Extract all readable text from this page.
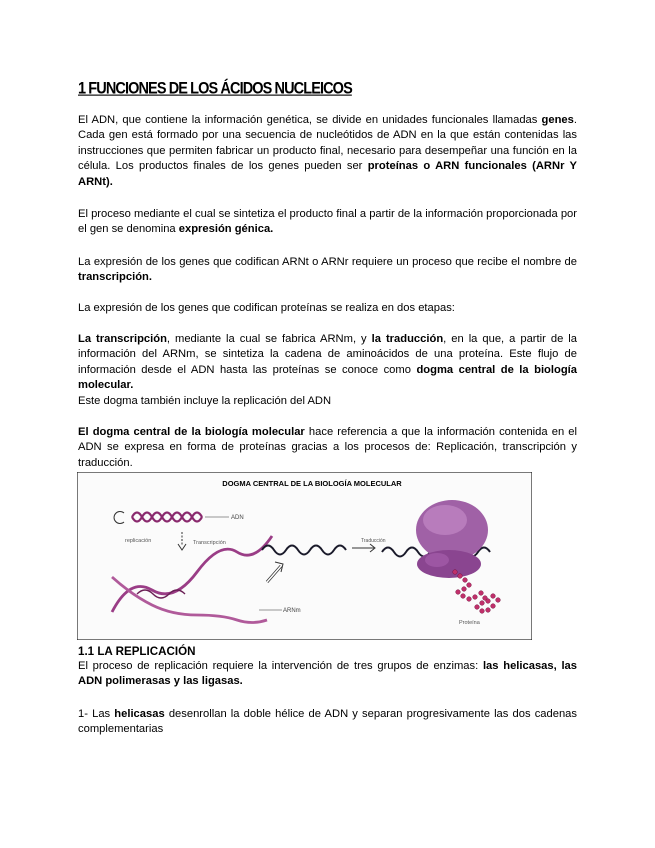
1 FUNCIONES DE LOS ÁCIDOS NUCLEICOS
El ADN, que contiene la información genética, se divide en unidades funcionales llamadas genes. Cada gen está formado por una secuencia de nucleótidos de ADN en la que están contenidas las instrucciones que permiten fabricar un producto final, necesario para desempeñar una función en la célula. Los productos finales de los genes pueden ser proteínas o ARN funcionales (ARNr Y ARNt).
El proceso mediante el cual se sintetiza el producto final a partir de la información proporcionada por el gen se denomina expresión génica.
La expresión de los genes que codifican ARNt o ARNr requiere un proceso que recibe el nombre de transcripción.
La expresión de los genes que codifican proteínas se realiza en dos etapas:
La transcripción, mediante la cual se fabrica ARNm, y la traducción, en la que, a partir de la información del ARNm, se sintetiza la cadena de aminoácidos de una proteína. Este flujo de información desde el ADN hasta las proteínas se conoce como dogma central de la biología molecular.
Este dogma también incluye la replicación del ADN
El dogma central de la biología molecular hace referencia a que la información contenida en el ADN se expresa en forma de proteínas gracias a los procesos de: Replicación, transcripción y traducción.
DOGMA CENTRAL DE LA BIOLOGÍA MOLECULAR
replicación
ADN
Transcripción
ARNm
Traducción
Proteína
1.1 LA REPLICACIÓN
El proceso de replicación requiere la intervención de tres grupos de enzimas: las helicasas, las ADN polimerasas y las ligasas.
1- Las helicasas desenrollan la doble hélice de ADN y separan progresivamente las dos cadenas complementarias
